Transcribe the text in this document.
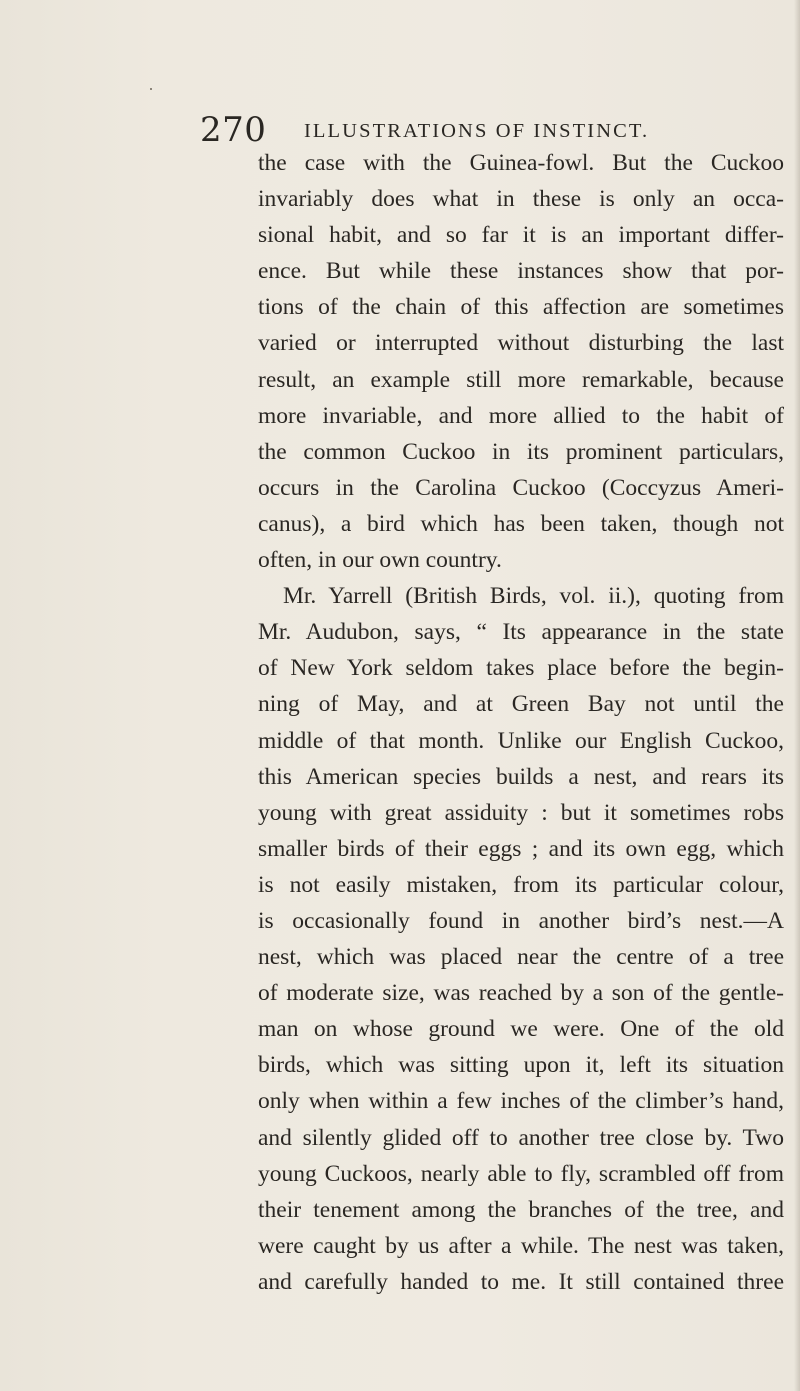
270 ILLUSTRATIONS OF INSTINCT.
the case with the Guinea-fowl. But the Cuckoo
invariably does what in these is only an occa-
sional habit, and so far it is an important differ-
ence. But while these instances show that por-
tions of the chain of this affection are sometimes
varied or interrupted without disturbing the last
result, an example still more remarkable, because
more invariable, and more allied to the habit of
the common Cuckoo in its prominent particulars,
occurs in the Carolina Cuckoo (Coccyzus Ameri-
canus), a bird which has been taken, though not
often, in our own country.
Mr. Yarrell (British Birds, vol. ii.), quoting from
Mr. Audubon, says, “ Its appearance in the state
of New York seldom takes place before the begin-
ning of May, and at Green Bay not until the
middle of that month. Unlike our English Cuckoo,
this American species builds a nest, and rears its
young with great assiduity : but it sometimes robs
smaller birds of their eggs ; and its own egg, which
is not easily mistaken, from its particular colour,
is occasionally found in another bird’s nest.—A
nest, which was placed near the centre of a tree
of moderate size, was reached by a son of the gentle-
man on whose ground we were. One of the old
birds, which was sitting upon it, left its situation
only when within a few inches of the climber’s hand,
and silently glided off to another tree close by. Two
young Cuckoos, nearly able to fly, scrambled off from
their tenement among the branches of the tree, and
were caught by us after a while. The nest was taken,
and carefully handed to me. It still contained three
